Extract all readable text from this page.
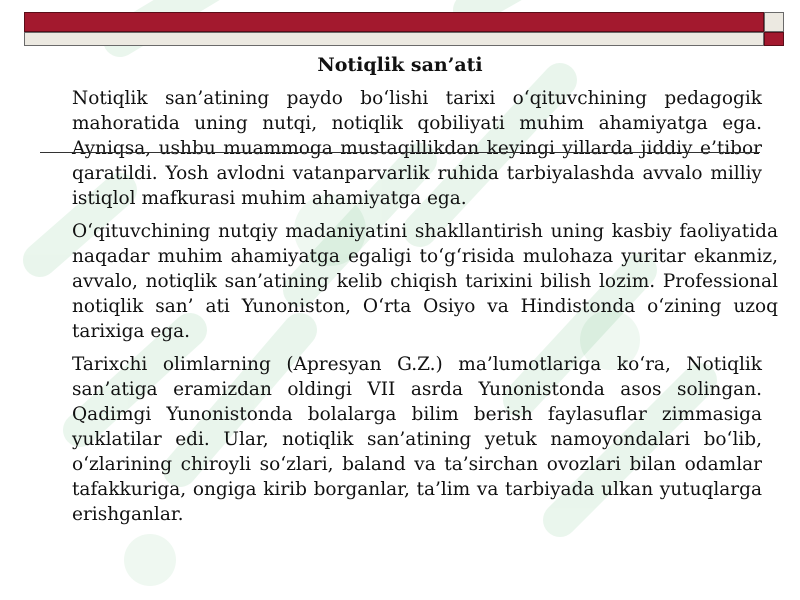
Notiqlik san’ati

Notiqlik san’atining paydo bo‘lishi tarixi o‘qituvchining pedagogik mahoratida uning nutqi, notiqlik qobiliyati muhim ahamiyatga ega. Ayniqsa, ushbu muammoga mustaqillikdan keyingi yillarda jiddiy e’tibor qaratildi. Yosh avlodni vatanparvarlik ruhida tarbiyalashda avvalo milliy istiqlol mafkurasi muhim ahamiyatga ega.

O‘qituvchining nutqiy madaniyatini shakllantirish uning kasbiy faoliyatida naqadar muhim ahamiyatga egaligi to‘g‘risida mulohaza yuritar ekanmiz, avvalo, notiqlik san’atining kelib chiqish tarixini bilish lozim. Professional notiqlik san’ ati Yunoniston, O‘rta Osiyo va Hindistonda o‘zining uzoq tarixiga ega.

Tarixchi olimlarning (Apresyan G.Z.) ma’lumotlariga ko‘ra, Notiqlik san’atiga eramizdan oldingi VII asrda Yunonistonda asos solingan. Qadimgi Yunonistonda bolalarga bilim berish faylasuflar zimmasiga yuklatilar edi. Ular, notiqlik san’atining yetuk namoyondalari bo‘lib, o‘zlarining chiroyli so‘zlari, baland va ta’sirchan ovozlari bilan odamlar tafakkuriga, ongiga kirib borganlar, ta’lim va tarbiyada ulkan yutuqlarga erishganlar.
